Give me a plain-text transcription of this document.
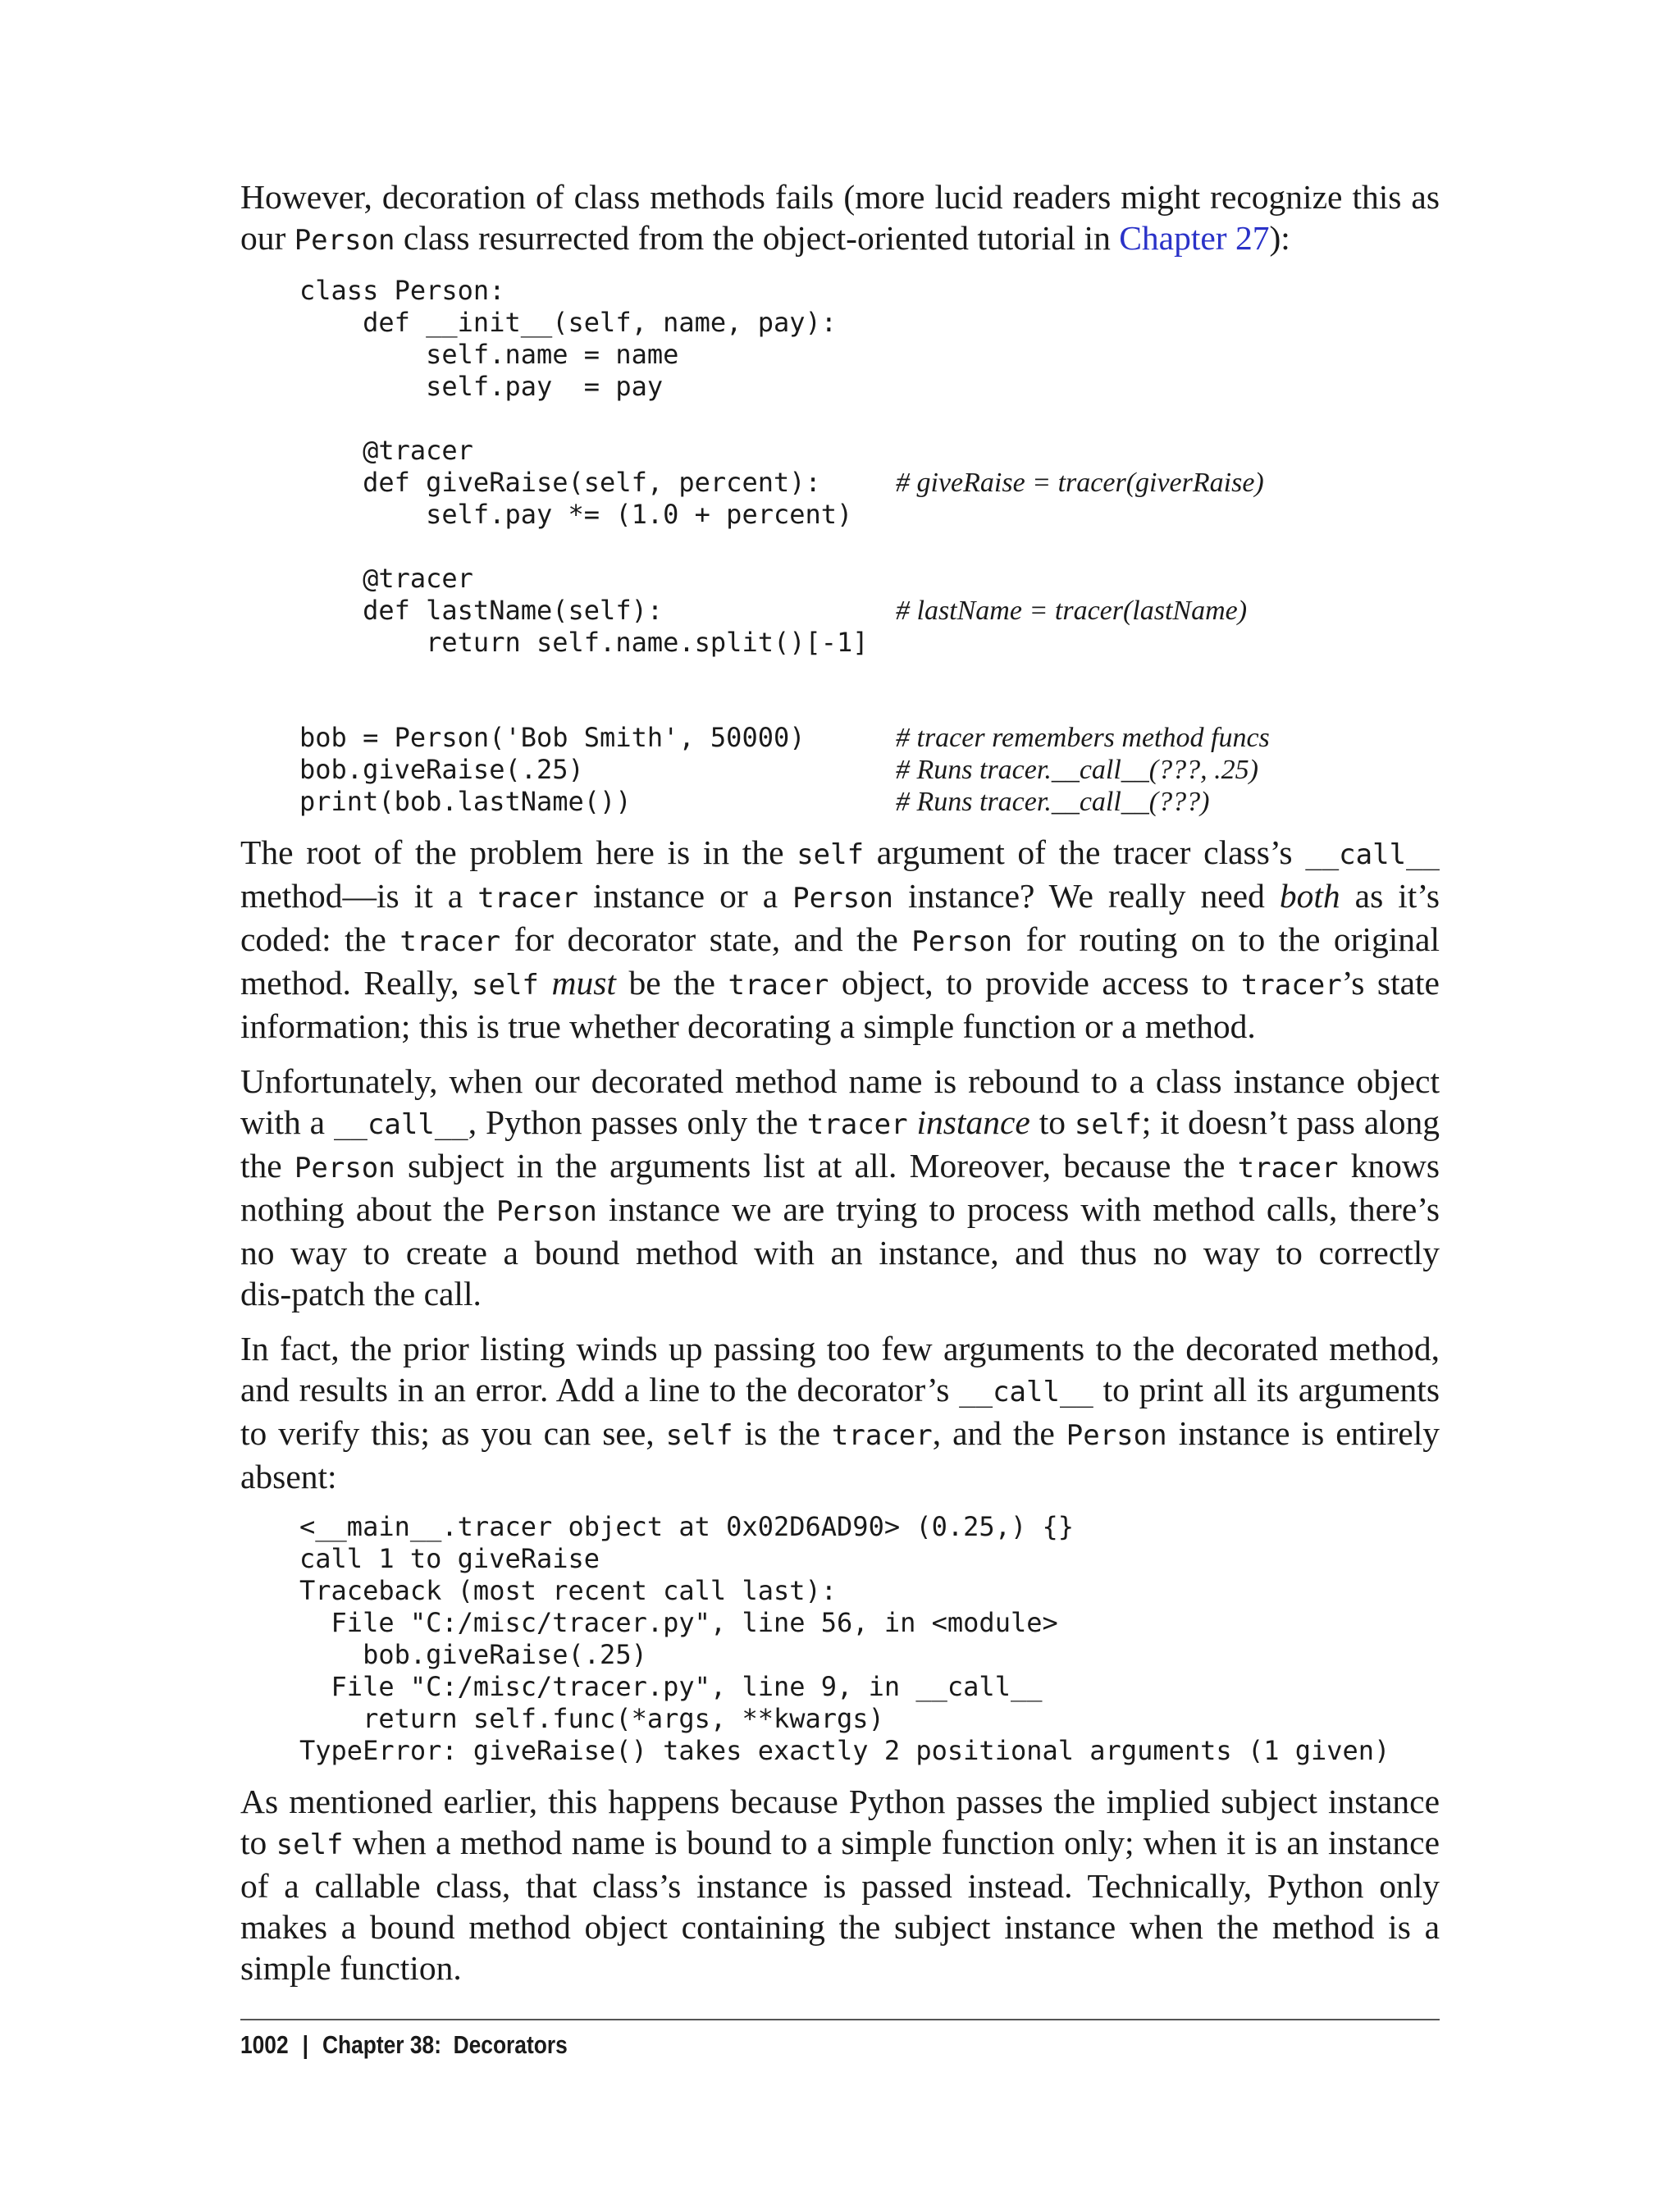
However, decoration of class methods fails (more lucid readers might recognize this as our Person class resurrected from the object-oriented tutorial in Chapter 27):

class Person:
def __init__(self, name, pay):
self.name = name
self.pay  = pay
@tracer
def giveRaise(self, percent):	# giveRaise = tracer(giverRaise)
self.pay *= (1.0 + percent)
@tracer
def lastName(self):	# lastName = tracer(lastName)
return self.name.split()[-1]
bob = Person('Bob Smith', 50000)	# tracer remembers method funcs
bob.giveRaise(.25)	# Runs tracer.__call__(???, .25)
print(bob.lastName())	# Runs tracer.__call__(???)

The root of the problem here is in the self argument of the tracer class’s __call__ method—is it a tracer instance or a Person instance? We really need both as it’s coded: the tracer for decorator state, and the Person for routing on to the original method. Really, self must be the tracer object, to provide access to tracer’s state information; this is true whether decorating a simple function or a method.

Unfortunately, when our decorated method name is rebound to a class instance object with a __call__, Python passes only the tracer instance to self; it doesn’t pass along the Person subject in the arguments list at all. Moreover, because the tracer knows nothing about the Person instance we are trying to process with method calls, there’s no way to create a bound method with an instance, and thus no way to correctly dis‑patch the call.

In fact, the prior listing winds up passing too few arguments to the decorated method, and results in an error. Add a line to the decorator’s __call__ to print all its arguments to verify this; as you can see, self is the tracer, and the Person instance is entirely absent:

<__main__.tracer object at 0x02D6AD90> (0.25,) {}
call 1 to giveRaise
Traceback (most recent call last):
File "C:/misc/tracer.py", line 56, in <module>
bob.giveRaise(.25)
File "C:/misc/tracer.py", line 9, in __call__
return self.func(*args, **kwargs)
TypeError: giveRaise() takes exactly 2 positional arguments (1 given)

As mentioned earlier, this happens because Python passes the implied subject instance to self when a method name is bound to a simple function only; when it is an instance of a callable class, that class’s instance is passed instead. Technically, Python only makes a bound method object containing the subject instance when the method is a simple function.

1002 | Chapter 38:  Decorators
